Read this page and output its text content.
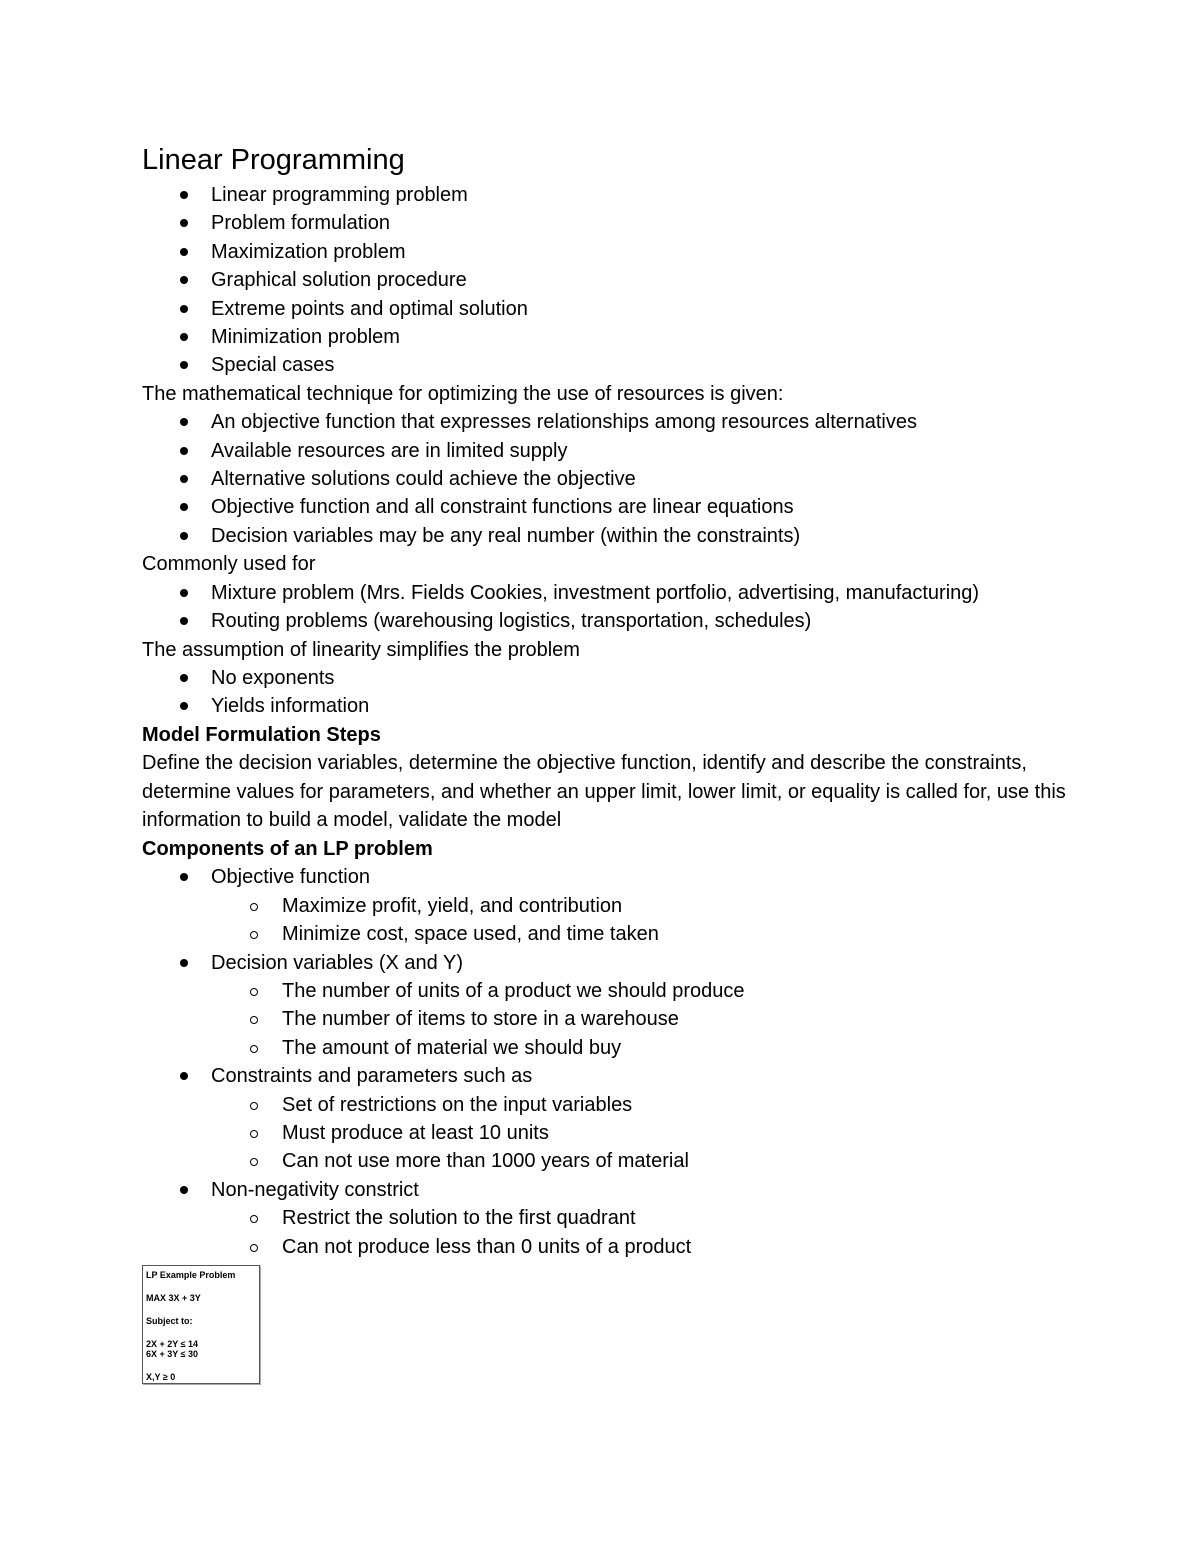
Linear Programming
Linear programming problem
Problem formulation
Maximization problem
Graphical solution procedure
Extreme points and optimal solution
Minimization problem
Special cases

The mathematical technique for optimizing the use of resources is given:

An objective function that expresses relationships among resources alternatives
Available resources are in limited supply
Alternative solutions could achieve the objective
Objective function and all constraint functions are linear equations
Decision variables may be any real number (within the constraints)

Commonly used for

Mixture problem (Mrs. Fields Cookies, investment portfolio, advertising, manufacturing)
Routing problems (warehousing logistics, transportation, schedules)

The assumption of linearity simplifies the problem

No exponents
Yields information

Model Formulation Steps

Define the decision variables, determine the objective function, identify and describe the constraints, determine values for parameters, and whether an upper limit, lower limit, or equality is called for, use this information to build a model, validate the model

Components of an LP problem

Objective function
Maximize profit, yield, and contribution
Minimize cost, space used, and time taken
Decision variables (X and Y)
The number of units of a product we should produce
The number of items to store in a warehouse
The amount of material we should buy
Constraints and parameters such as
Set of restrictions on the input variables
Must produce at least 10 units
Can not use more than 1000 years of material
Non-negativity constrict
Restrict the solution to the first quadrant
Can not produce less than 0 units of a product
LP Example Problem
MAX 3X + 3Y
Subject to:
2X + 2Y ≤ 14
6X + 3Y ≤ 30
X,Y ≥ 0
